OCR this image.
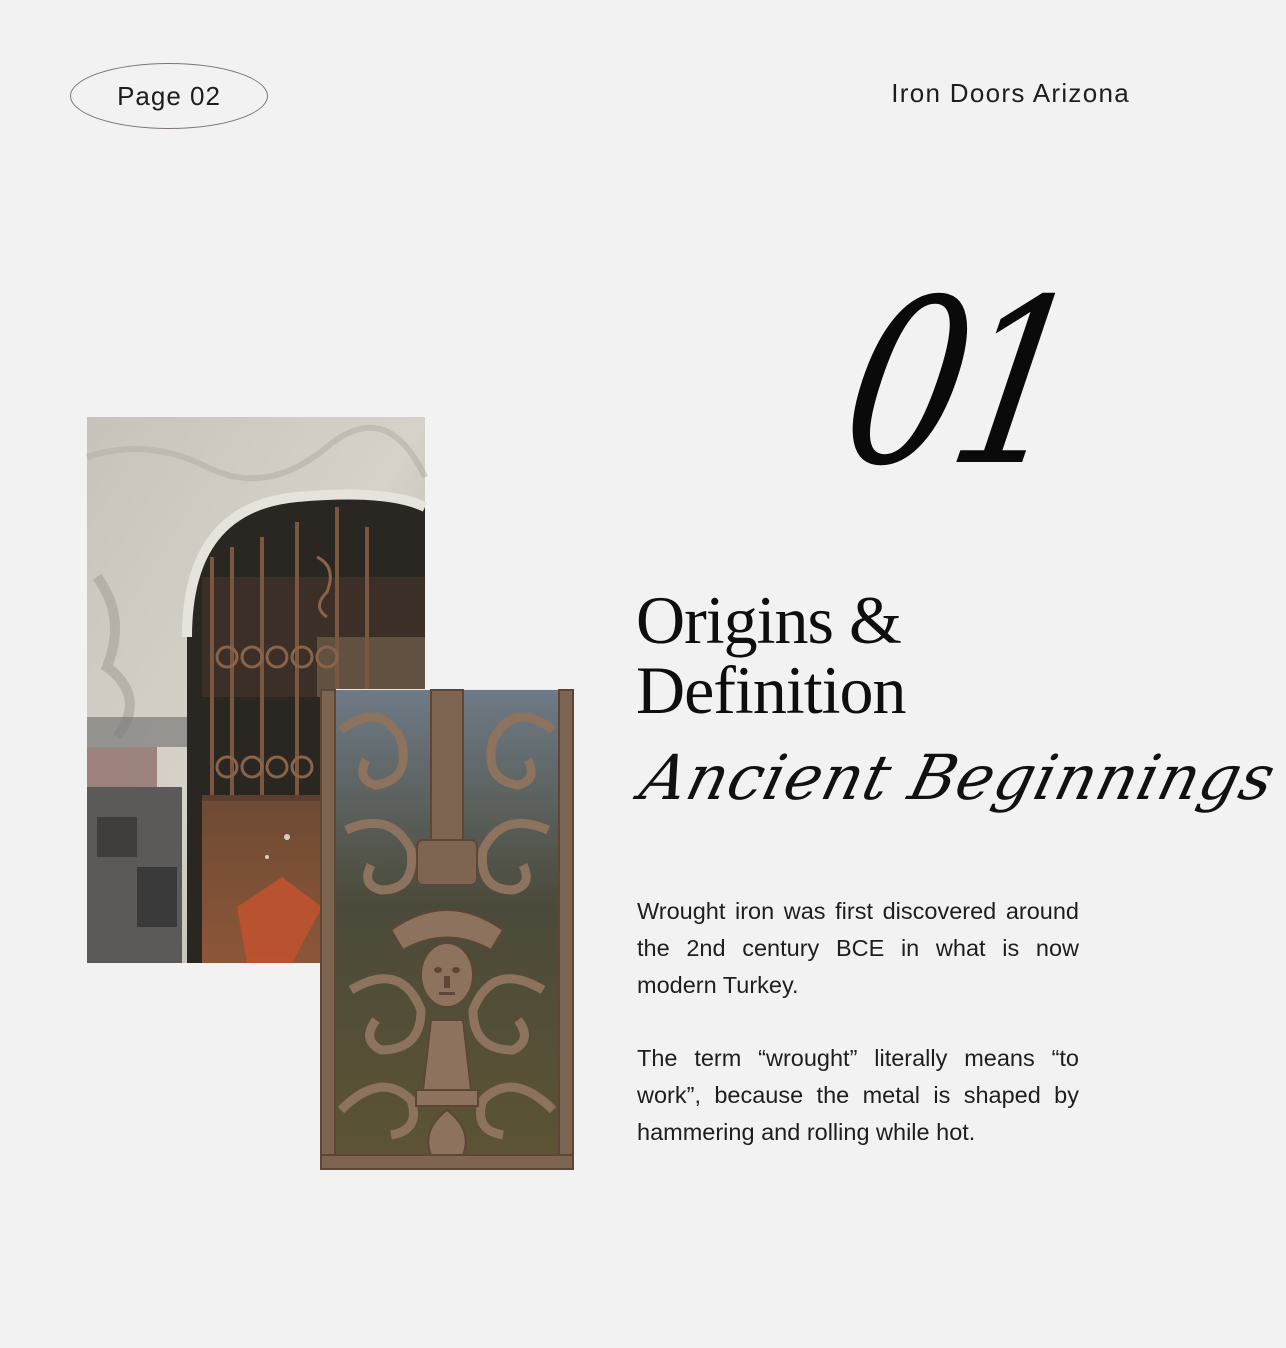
Page 02	Iron Doors Arizona
01
Origins &
Definition
Ancient Beginnings

Wrought iron was first discovered around the 2nd century BCE in what is now modern Turkey.

The term “wrought” literally means “to work”, because the metal is shaped by hammering and rolling while hot.
